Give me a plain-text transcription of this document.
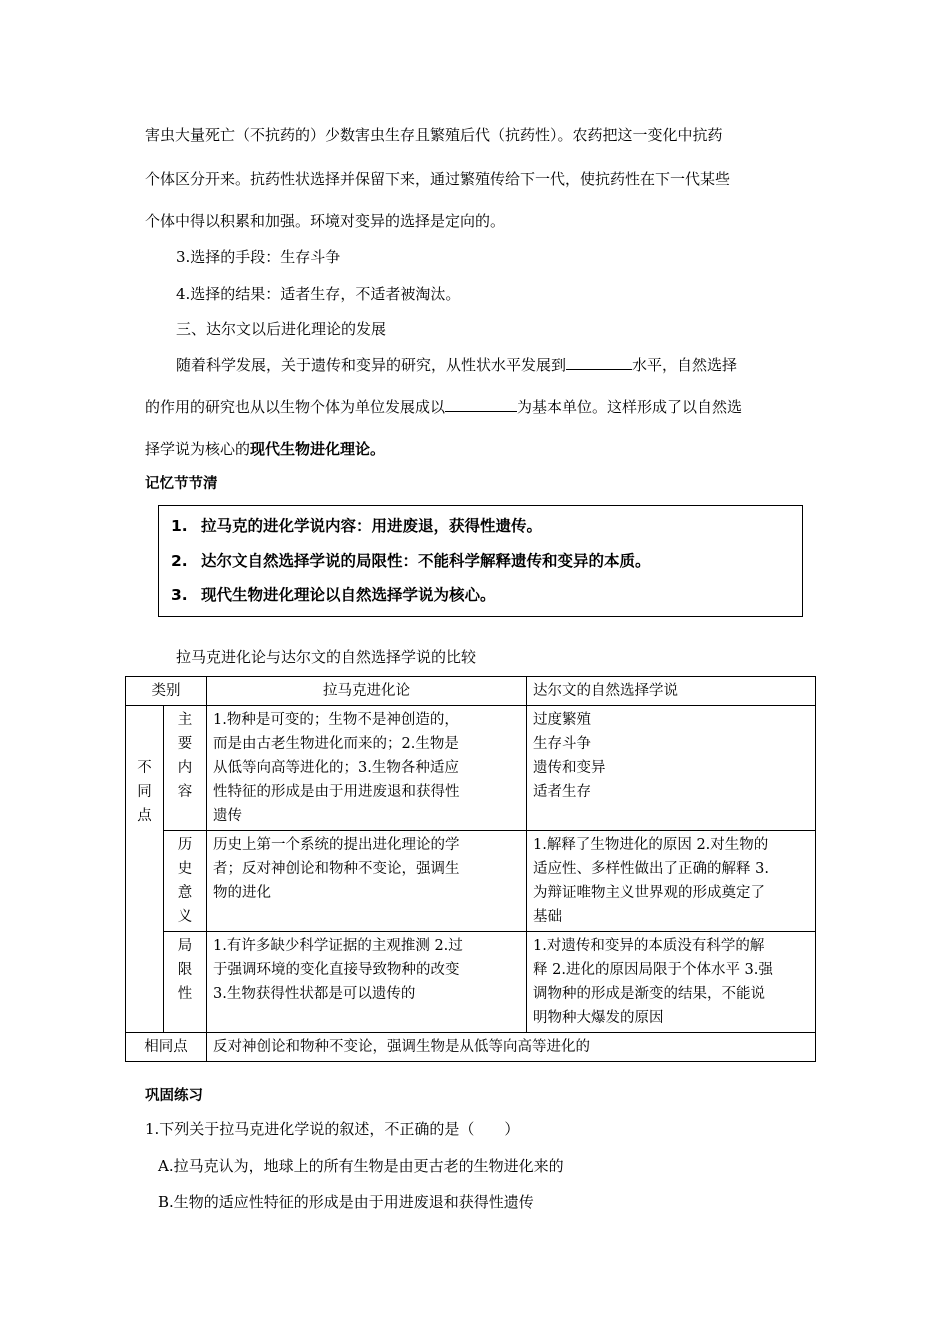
害虫大量死亡（不抗药的）少数害虫生存且繁殖后代（抗药性）。农药把这一变化中抗药
个体区分开来。抗药性状选择并保留下来，通过繁殖传给下一代，使抗药性在下一代某些
个体中得以积累和加强。环境对变异的选择是定向的。
3.选择的手段：生存斗争
4.选择的结果：适者生存，不适者被淘汰。
三、达尔文以后进化理论的发展
随着科学发展，关于遗传和变异的研究，从性状水平发展到	水平，自然选择
的作用的研究也从以生物个体为单位发展成以	为基本单位。这样形成了以自然选
择学说为核心的现代生物进化理论。
记忆节节清
1. 拉马克的进化学说内容：用进废退，获得性遗传。
2. 达尔文自然选择学说的局限性：不能科学解释遗传和变异的本质。
3. 现代生物进化理论以自然选择学说为核心。
拉马克进化论与达尔文的自然选择学说的比较
类别		拉马克进化论	达尔文的自然选择学说

不
同
点	主
要
内
容	1.物种是可变的；生物不是神创造的，
而是由古老生物进化而来的；2.生物是
从低等向高等进化的；3.生物各种适应
性特征的形成是由于用进废退和获得性
遗传	过度繁殖
生存斗争
遗传和变异
适者生存

	历
史
意
义	历史上第一个系统的提出进化理论的学
者；反对神创论和物种不变论，强调生
物的进化	1.解释了生物进化的原因 2.对生物的
适应性、多样性做出了正确的解释 3.
为辩证唯物主义世界观的形成奠定了
基础

	局
限
性	1.有许多缺少科学证据的主观推测 2.过
于强调环境的变化直接导致物种的改变
3.生物获得性状都是可以遗传的	1.对遗传和变异的本质没有科学的解
释 2.进化的原因局限于个体水平 3.强
调物种的形成是渐变的结果，不能说
明物种大爆发的原因

相同点		反对神创论和物种不变论，强调生物是从低等向高等进化的	
巩固练习
1.下列关于拉马克进化学说的叙述，不正确的是（　　）
A.拉马克认为，地球上的所有生物是由更古老的生物进化来的
B.生物的适应性特征的形成是由于用进废退和获得性遗传
